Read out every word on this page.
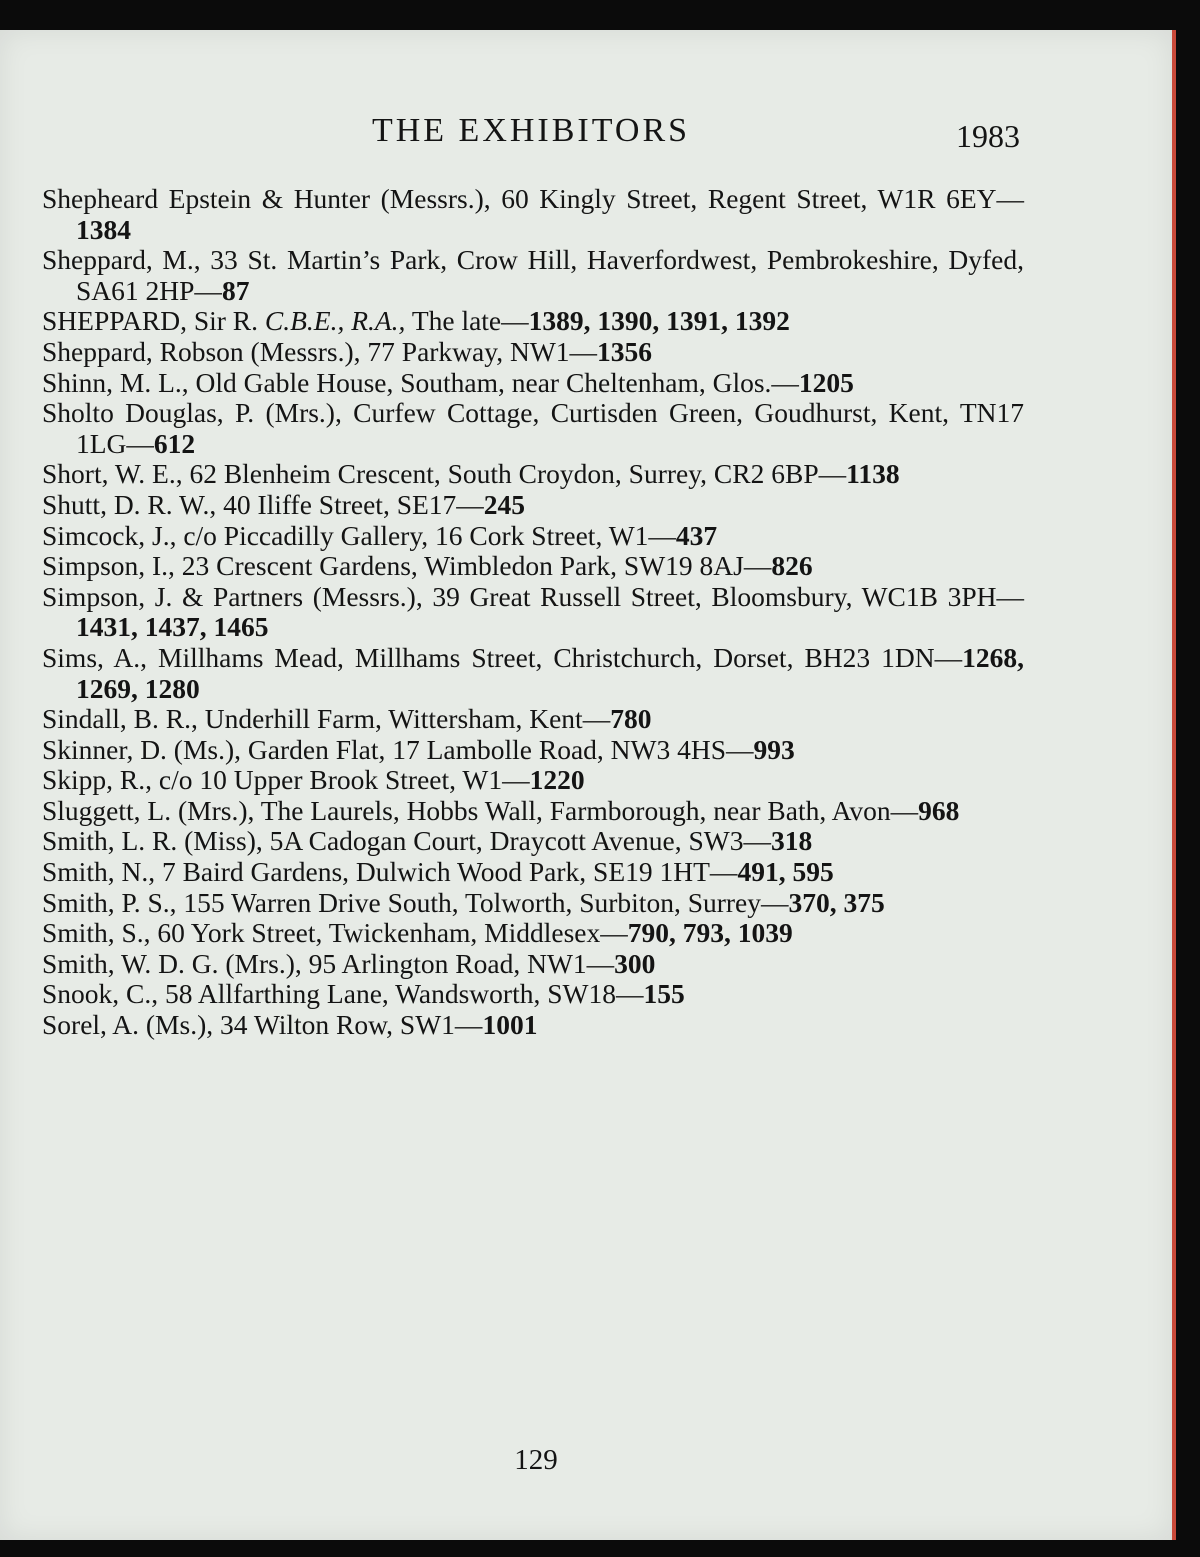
THE EXHIBITORS	1983
Shepheard Epstein & Hunter (Messrs.), 60 Kingly Street, Regent Street, W1R 6EY—1384
Sheppard, M., 33 St. Martin’s Park, Crow Hill, Haverfordwest, Pembrokeshire, Dyfed, SA61 2HP—87
SHEPPARD, Sir R. C.B.E., R.A., The late—1389, 1390, 1391, 1392
Sheppard, Robson (Messrs.), 77 Parkway, NW1—1356
Shinn, M. L., Old Gable House, Southam, near Cheltenham, Glos.—1205
Sholto Douglas, P. (Mrs.), Curfew Cottage, Curtisden Green, Goudhurst, Kent, TN17 1LG—612
Short, W. E., 62 Blenheim Crescent, South Croydon, Surrey, CR2 6BP—1138
Shutt, D. R. W., 40 Iliffe Street, SE17—245
Simcock, J., c/o Piccadilly Gallery, 16 Cork Street, W1—437
Simpson, I., 23 Crescent Gardens, Wimbledon Park, SW19 8AJ—826
Simpson, J. & Partners (Messrs.), 39 Great Russell Street, Bloomsbury, WC1B 3PH—1431, 1437, 1465
Sims, A., Millhams Mead, Millhams Street, Christchurch, Dorset, BH23 1DN—1268, 1269, 1280
Sindall, B. R., Underhill Farm, Wittersham, Kent—780
Skinner, D. (Ms.), Garden Flat, 17 Lambolle Road, NW3 4HS—993
Skipp, R., c/o 10 Upper Brook Street, W1—1220
Sluggett, L. (Mrs.), The Laurels, Hobbs Wall, Farmborough, near Bath, Avon—968
Smith, L. R. (Miss), 5A Cadogan Court, Draycott Avenue, SW3—318
Smith, N., 7 Baird Gardens, Dulwich Wood Park, SE19 1HT—491, 595
Smith, P. S., 155 Warren Drive South, Tolworth, Surbiton, Surrey—370, 375
Smith, S., 60 York Street, Twickenham, Middlesex—790, 793, 1039
Smith, W. D. G. (Mrs.), 95 Arlington Road, NW1—300
Snook, C., 58 Allfarthing Lane, Wandsworth, SW18—155
Sorel, A. (Ms.), 34 Wilton Row, SW1—1001
129
